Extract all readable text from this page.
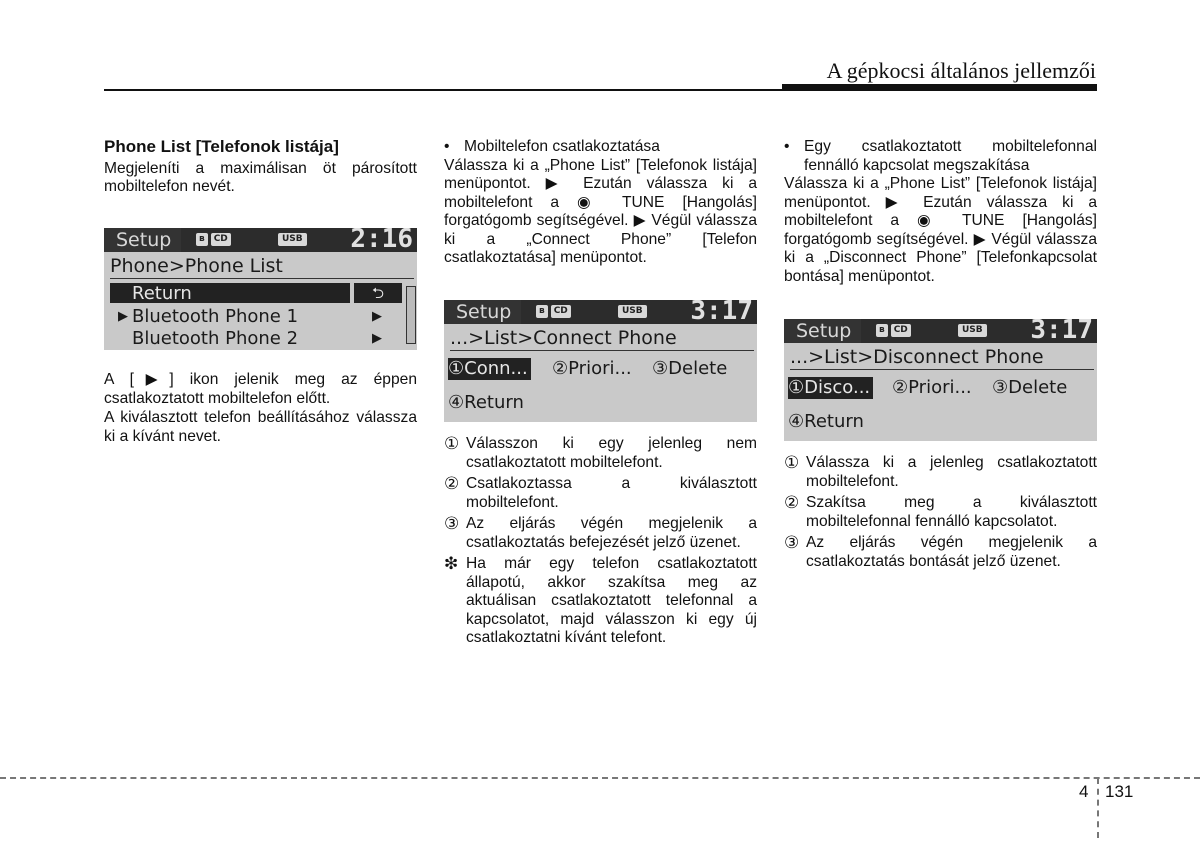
A gépkocsi általános jellemzői

Phone List [Telefonok listája]

Megjeleníti a maximálisan öt párosított mobiltelefon nevét.

Setup	ʙ	CD	USB 2:16
Phone>Phone List
Return	⮌
Bluetooth Phone 1
▶	▶
Bluetooth Phone 2	▶

A [▶] ikon jelenik meg az éppen csatlakoztatott mobiltelefon előtt.

A kiválasztott telefon beállításához válassza ki a kívánt nevet.

• Mobiltelefon csatlakoztatása

Válassza ki a „Phone List” [Telefonok listája] menüpontot. ▶ Ezután válassza ki a mobiltelefont a ◉ TUNE [Hangolás] forgatógomb segítségével. ▶ Végül válassza ki a „Connect Phone” [Telefon csatlakoztatása] menüpontot.

Setup	ʙ	CD	USB 3:17
...>List>Connect Phone
①Conn... ②Priori... ③Delete
④Return

① Válasszon ki egy jelenleg nem csatlakoztatott mobiltelefont.

② Csatlakoztassa a kiválasztott mobiltelefont.

③ Az eljárás végén megjelenik a csatlakoztatás befejezését jelző üzenet.

❇ Ha már egy telefon csatlakoztatott állapotú, akkor szakítsa meg az aktuálisan csatlakoztatott telefonnal a kapcsolatot, majd válasszon ki egy új csatlakoztatni kívánt telefont.

• Egy csatlakoztatott mobiltelefonnal fennálló kapcsolat megszakítása

Válassza ki a „Phone List” [Telefonok listája] menüpontot. ▶ Ezután válassza ki a mobiltelefont a ◉ TUNE [Hangolás] forgatógomb segítségével. ▶ Végül válassza ki a „Disconnect Phone” [Telefonkapcsolat bontása] menüpontot.

Setup	ʙ	CD	USB 3:17
...>List>Disconnect Phone
①Disco... ②Priori... ③Delete
④Return

① Válassza ki a jelenleg csatlakoztatott mobiltelefont.

② Szakítsa meg a kiválasztott mobiltelefonnal fennálló kapcsolatot.

③ Az eljárás végén megjelenik a csatlakoztatás bontását jelző üzenet.

4 131
